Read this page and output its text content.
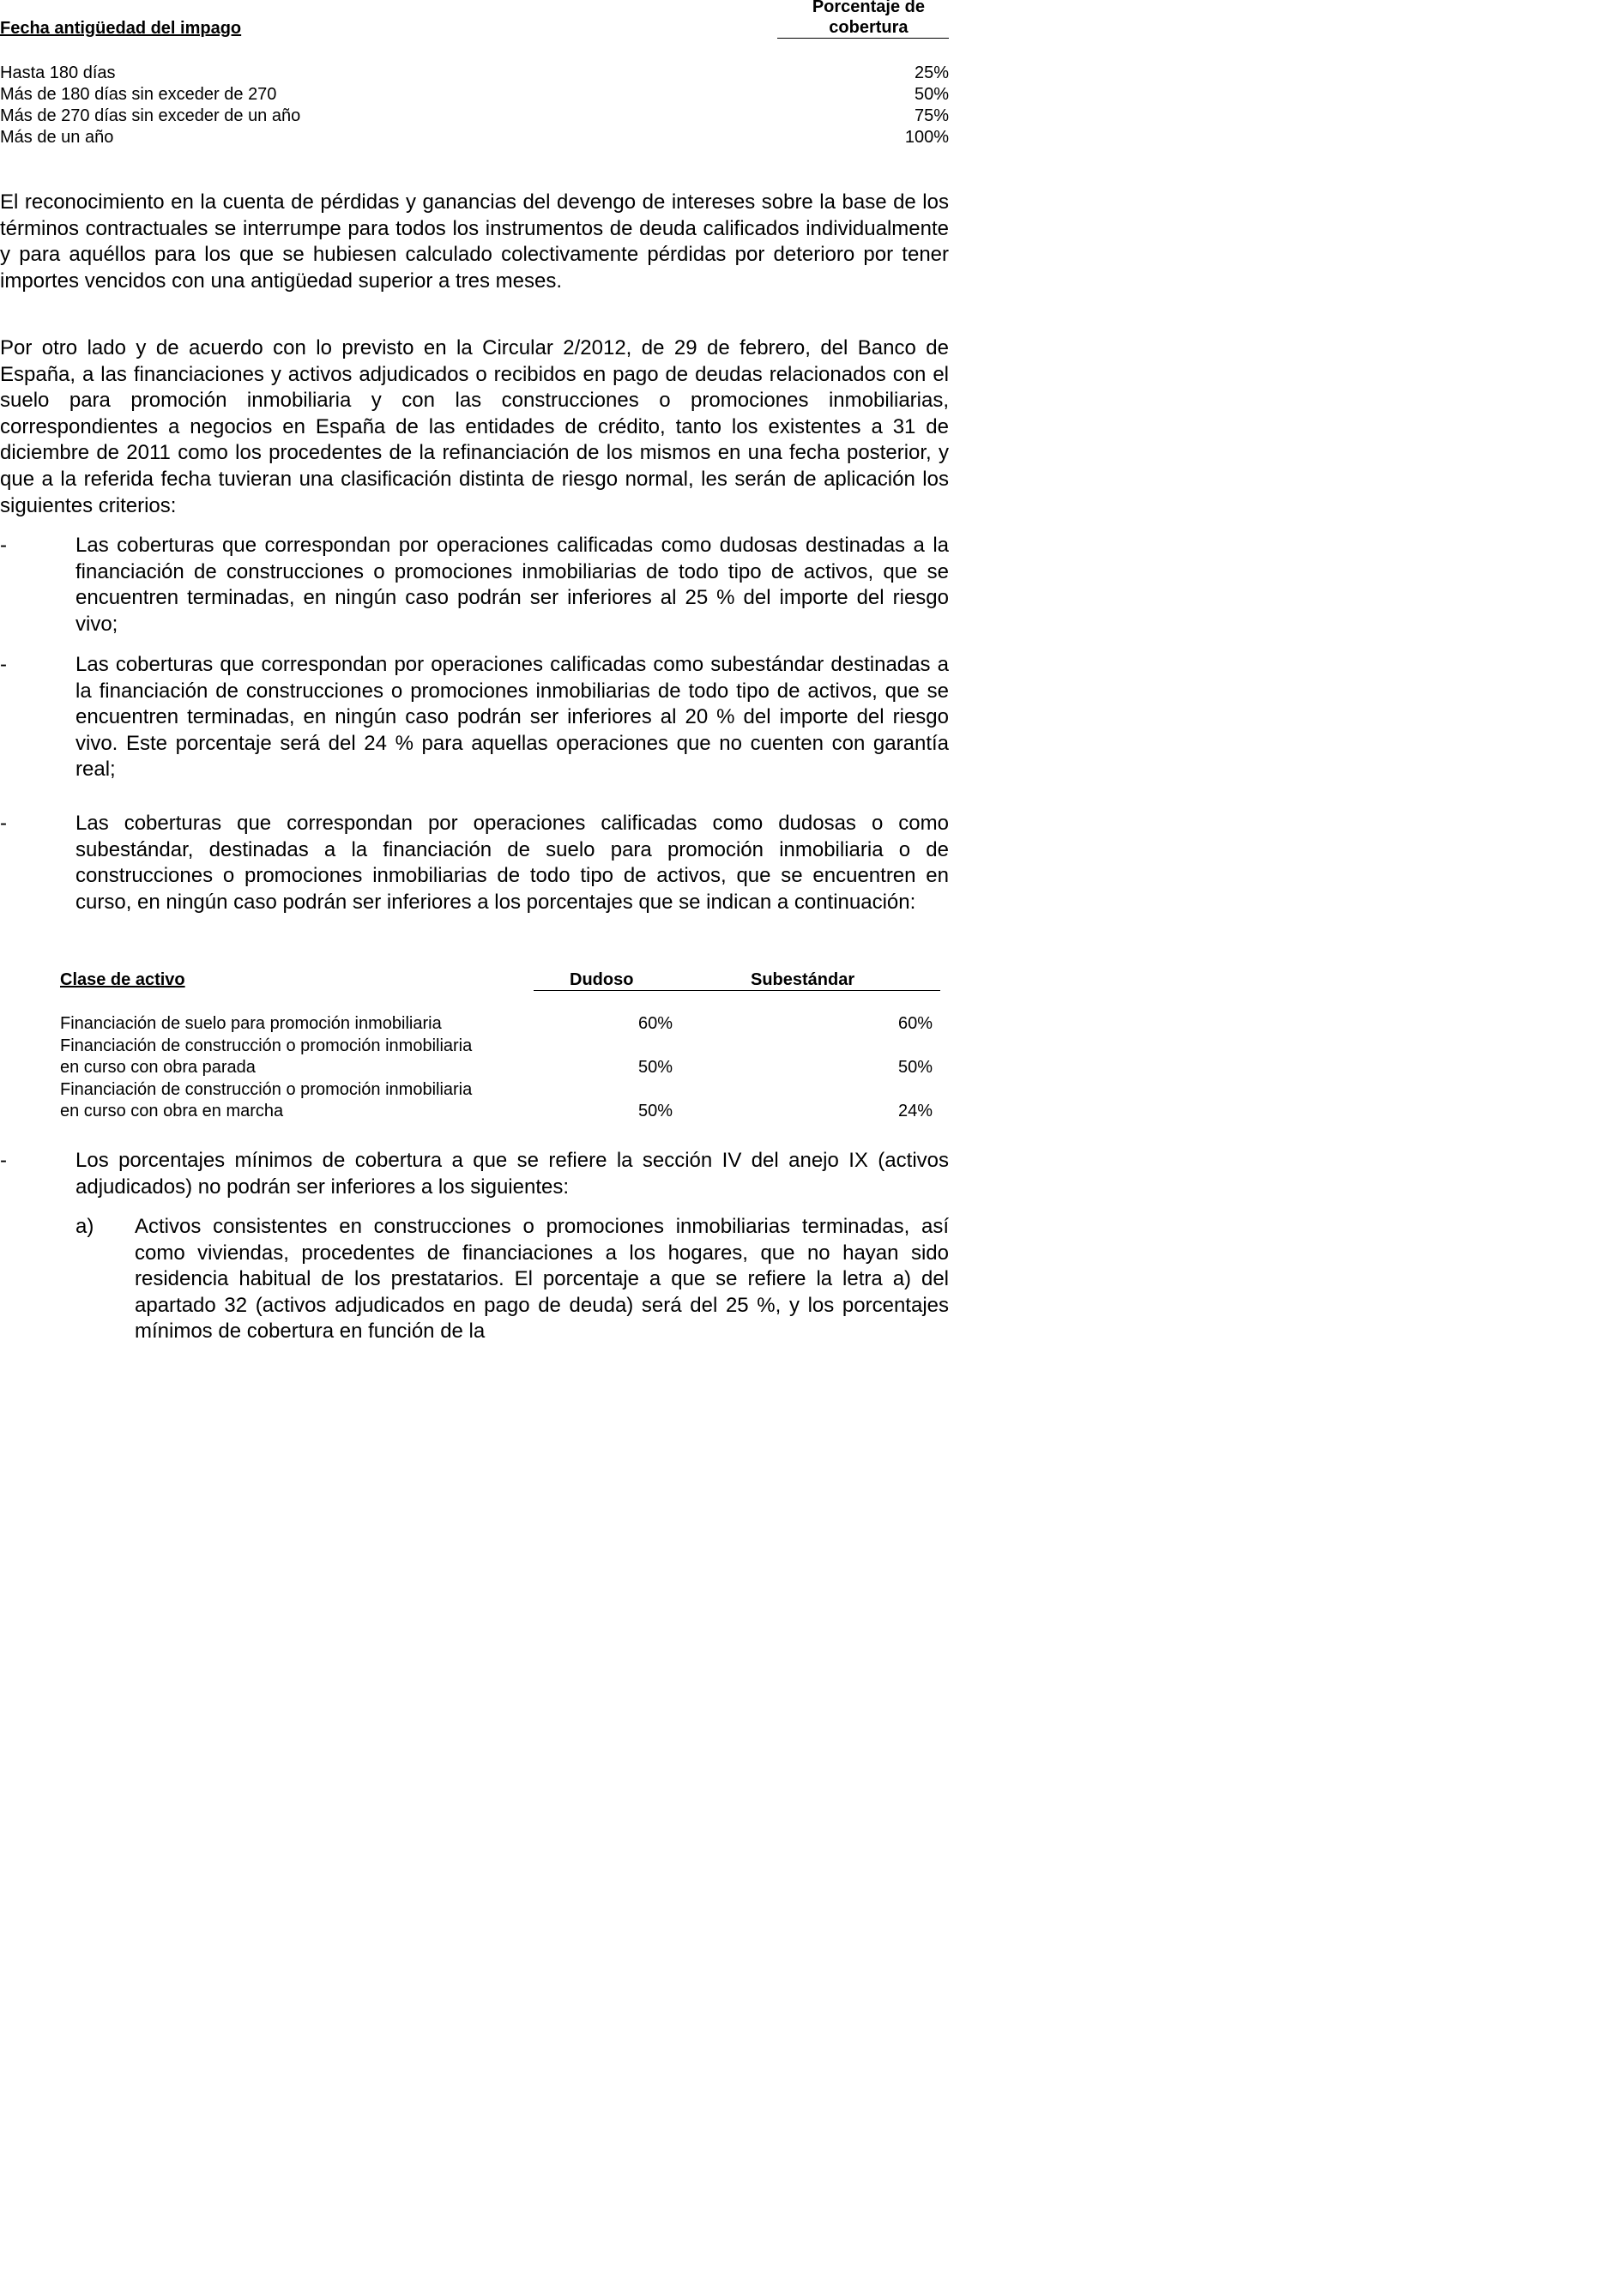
Fecha antigüedad del impago
Porcentaje de
cobertura
Hasta 180 días	25%
Más de 180 días sin exceder de 270	50%
Más de 270 días sin exceder de un año	75%
Más de un año	100%

El reconocimiento en la cuenta de pérdidas y ganancias del devengo de intereses sobre la base de los términos contractuales se interrumpe para todos los instrumentos de deuda calificados individualmente y para aquéllos para los que se hubiesen calculado colectivamente pérdidas por deterioro por tener importes vencidos con una antigüedad superior a tres meses.

Por otro lado y de acuerdo con lo previsto en la Circular 2/2012, de 29 de febrero, del Banco de España, a las financiaciones y activos adjudicados o recibidos en pago de deudas relacionados con el suelo para promoción inmobiliaria y con las construcciones o promociones inmobiliarias, correspondientes a negocios en España de las entidades de crédito, tanto los existentes a 31 de diciembre de 2011 como los procedentes de la refinanciación de los mismos en una fecha posterior, y que a la referida fecha tuvieran una clasificación distinta de riesgo normal, les serán de aplicación los siguientes criterios:

-	Las coberturas que correspondan por operaciones calificadas como dudosas destinadas a la financiación de construcciones o promociones inmobiliarias de todo tipo de activos, que se encuentren terminadas, en ningún caso podrán ser inferiores al 25 % del importe del riesgo vivo;

-	Las coberturas que correspondan por operaciones calificadas como subestándar destinadas a la financiación de construcciones o promociones inmobiliarias de todo tipo de activos, que se encuentren terminadas, en ningún caso podrán ser inferiores al 20 % del importe del riesgo vivo. Este porcentaje será del 24 % para aquellas operaciones que no cuenten con garantía real;

-	Las coberturas que correspondan por operaciones calificadas como dudosas o como subestándar, destinadas a la financiación de suelo para promoción inmobiliaria o de construcciones o promociones inmobiliarias de todo tipo de activos, que se encuentren en curso, en ningún caso podrán ser inferiores a los porcentajes que se indican a continuación:

Clase de activo	Dudoso	Subestándar
Financiación de suelo para promoción inmobiliaria	60%	60%
Financiación de construcción o promoción inmobiliaria
en curso con obra parada	50%	50%
Financiación de construcción o promoción inmobiliaria
en curso con obra en marcha	50%	24%
-	Los porcentajes mínimos de cobertura a que se refiere la sección IV del anejo IX (activos adjudicados) no podrán ser inferiores a los siguientes:

a) Activos consistentes en construcciones o promociones inmobiliarias terminadas, así como viviendas, procedentes de financiaciones a los hogares, que no hayan sido residencia habitual de los prestatarios. El porcentaje a que se refiere la letra a) del apartado 32 (activos adjudicados en pago de deuda) será del 25 %, y los porcentajes mínimos de cobertura en función de la
